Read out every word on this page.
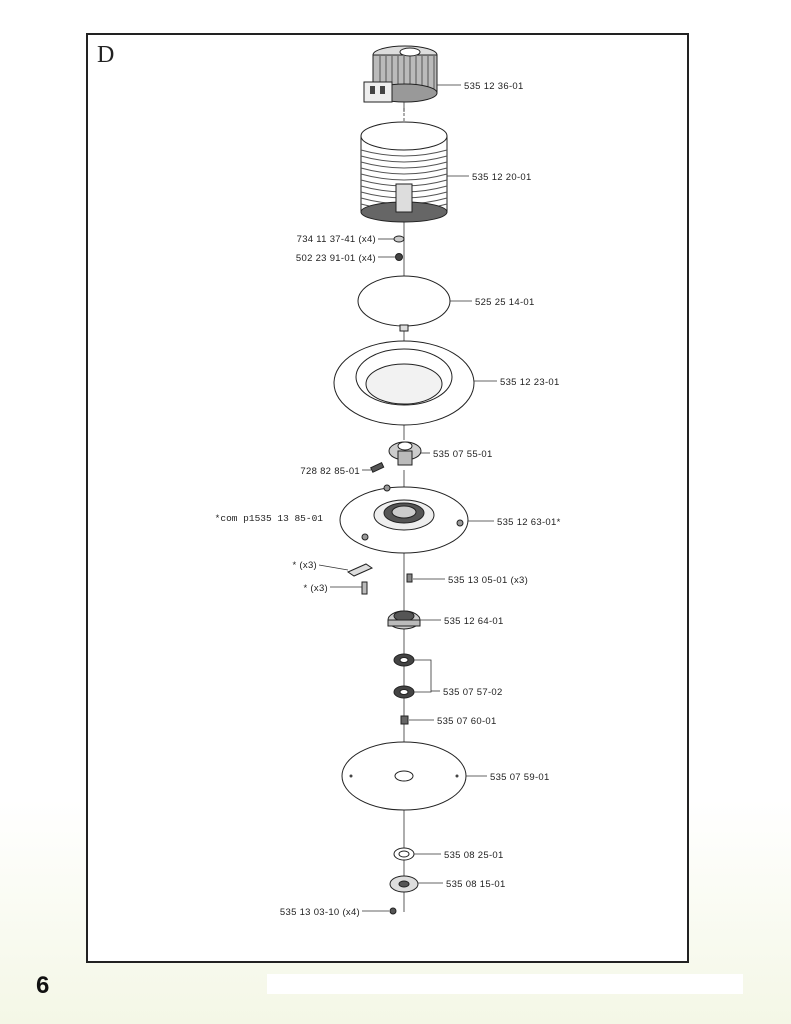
D
535 12 36-01
535 12 20-01
734 11 37-41 (x4)
502 23 91-01 (x4)
525 25 14-01
535 12 23-01
535 07 55-01
728 82 85-01
535 12 63-01*
*com p1535 13 85-01
* (x3)
* (x3)
535 13 05-01 (x3)
535 12 64-01
535 07 57-02
535 07 60-01
535 07 59-01
535 08 25-01
535 08 15-01
535 13 03-10 (x4)
6
